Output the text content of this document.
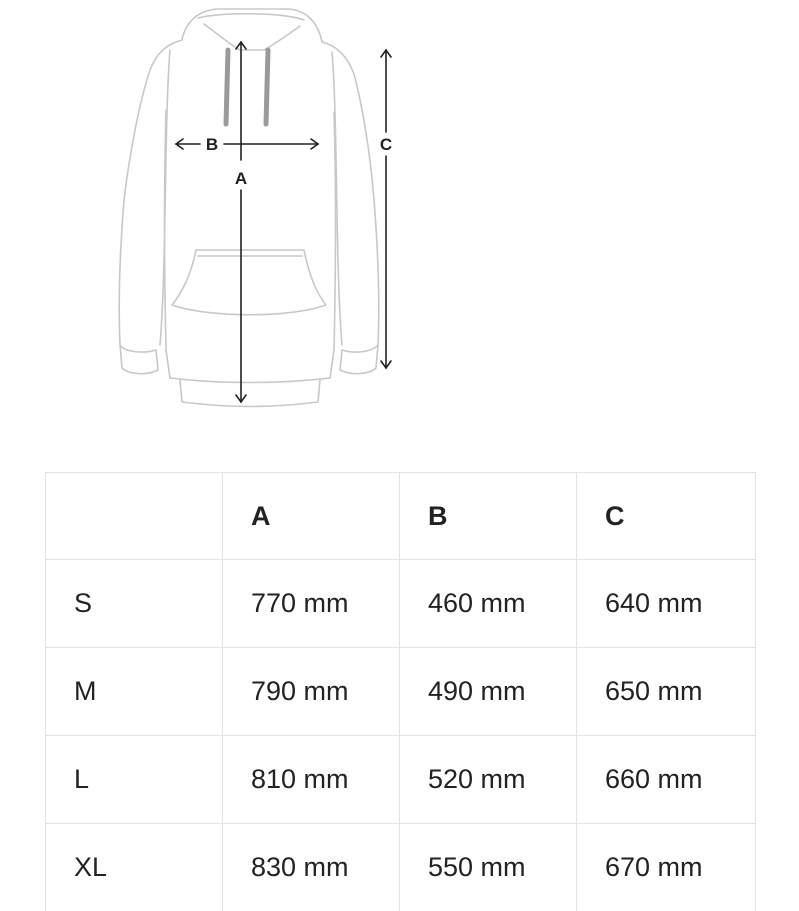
A
B	C
	A	B	C
S	770 mm	460 mm	640 mm
M	790 mm	490 mm	650 mm
L	810 mm	520 mm	660 mm
XL	830 mm	550 mm	670 mm
